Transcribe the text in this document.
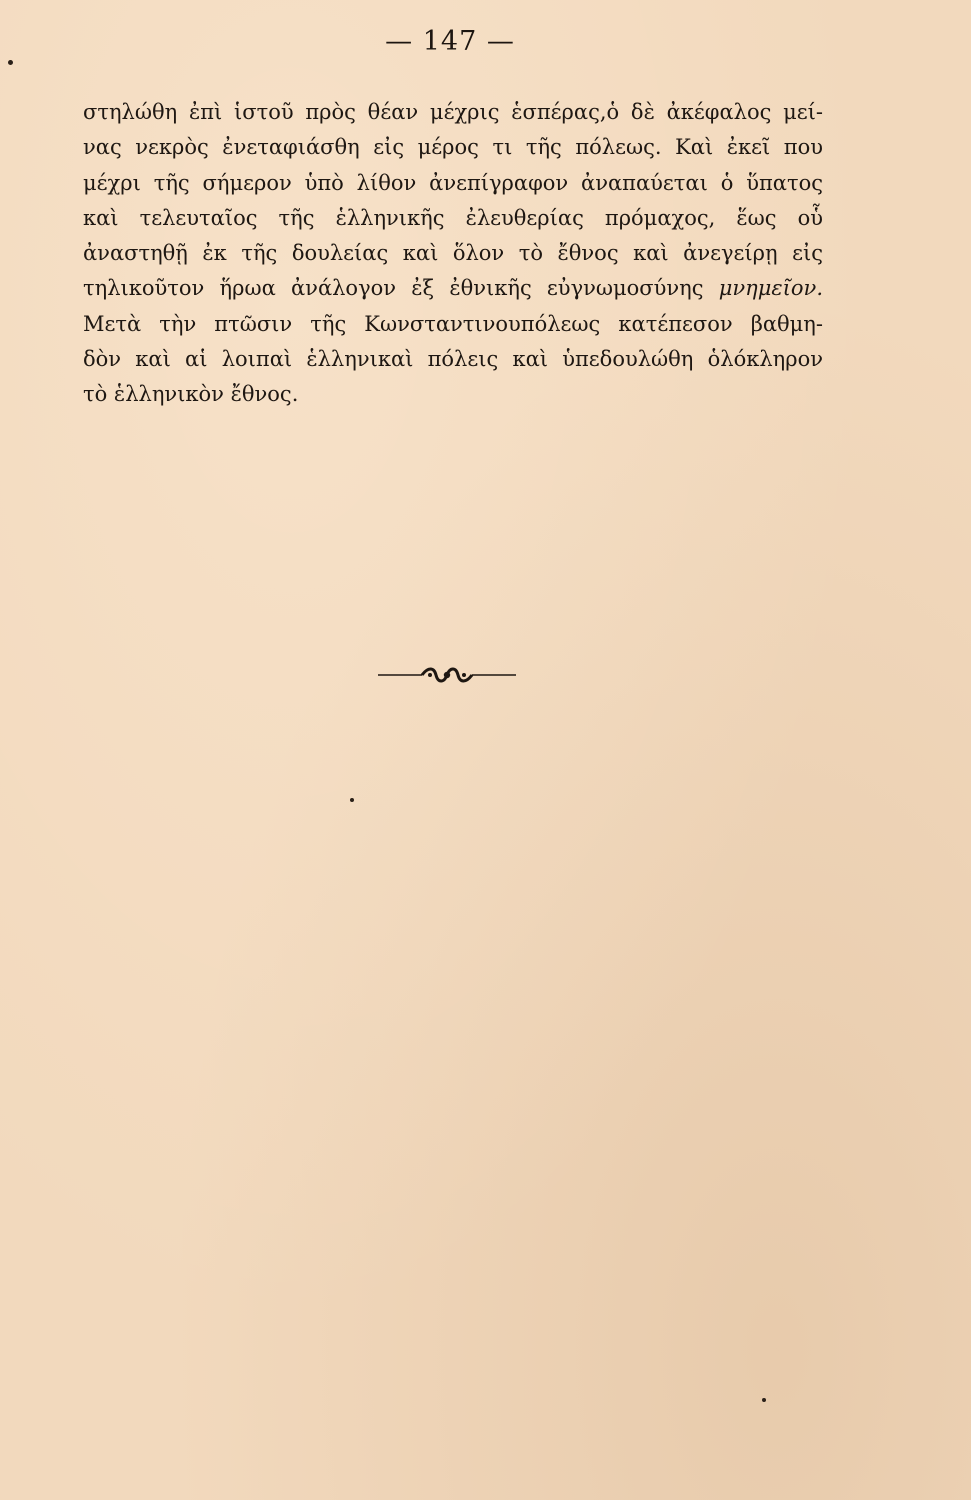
— 147 —
στηλώθη ἐπὶ ἱστοῦ πρὸς θέαν μέχρις ἑσπέρας,ὁ δὲ ἀκέφαλος μεί-
νας νεκρὸς ἐνεταφιάσθη εἰς μέρος τι τῆς πόλεως. Καὶ ἐκεῖ που
μέχρι τῆς σήμερον ὑπὸ λίθον ἀνεπίγραφον ἀναπαύεται ὁ ὕπατος
καὶ τελευταῖος τῆς ἑλληνικῆς ἐλευθερίας πρόμαχος, ἕως οὗ
ἀναστηθῇ ἐκ τῆς δουλείας καὶ ὅλον τὸ ἔθνος καὶ ἀνεγείρῃ εἰς
τηλικοῦτον ἥρωα ἀνάλογον ἐξ ἐθνικῆς εὐγνωμοσύνης μνημεῖον.
Μετὰ τὴν πτῶσιν τῆς Κωνσταντινουπόλεως κατέπεσον βαθμη-
δὸν καὶ αἱ λοιπαὶ ἑλληνικαὶ πόλεις καὶ ὑπεδουλώθη ὁλόκληρον
τὸ ἑλληνικὸν ἔθνος.
